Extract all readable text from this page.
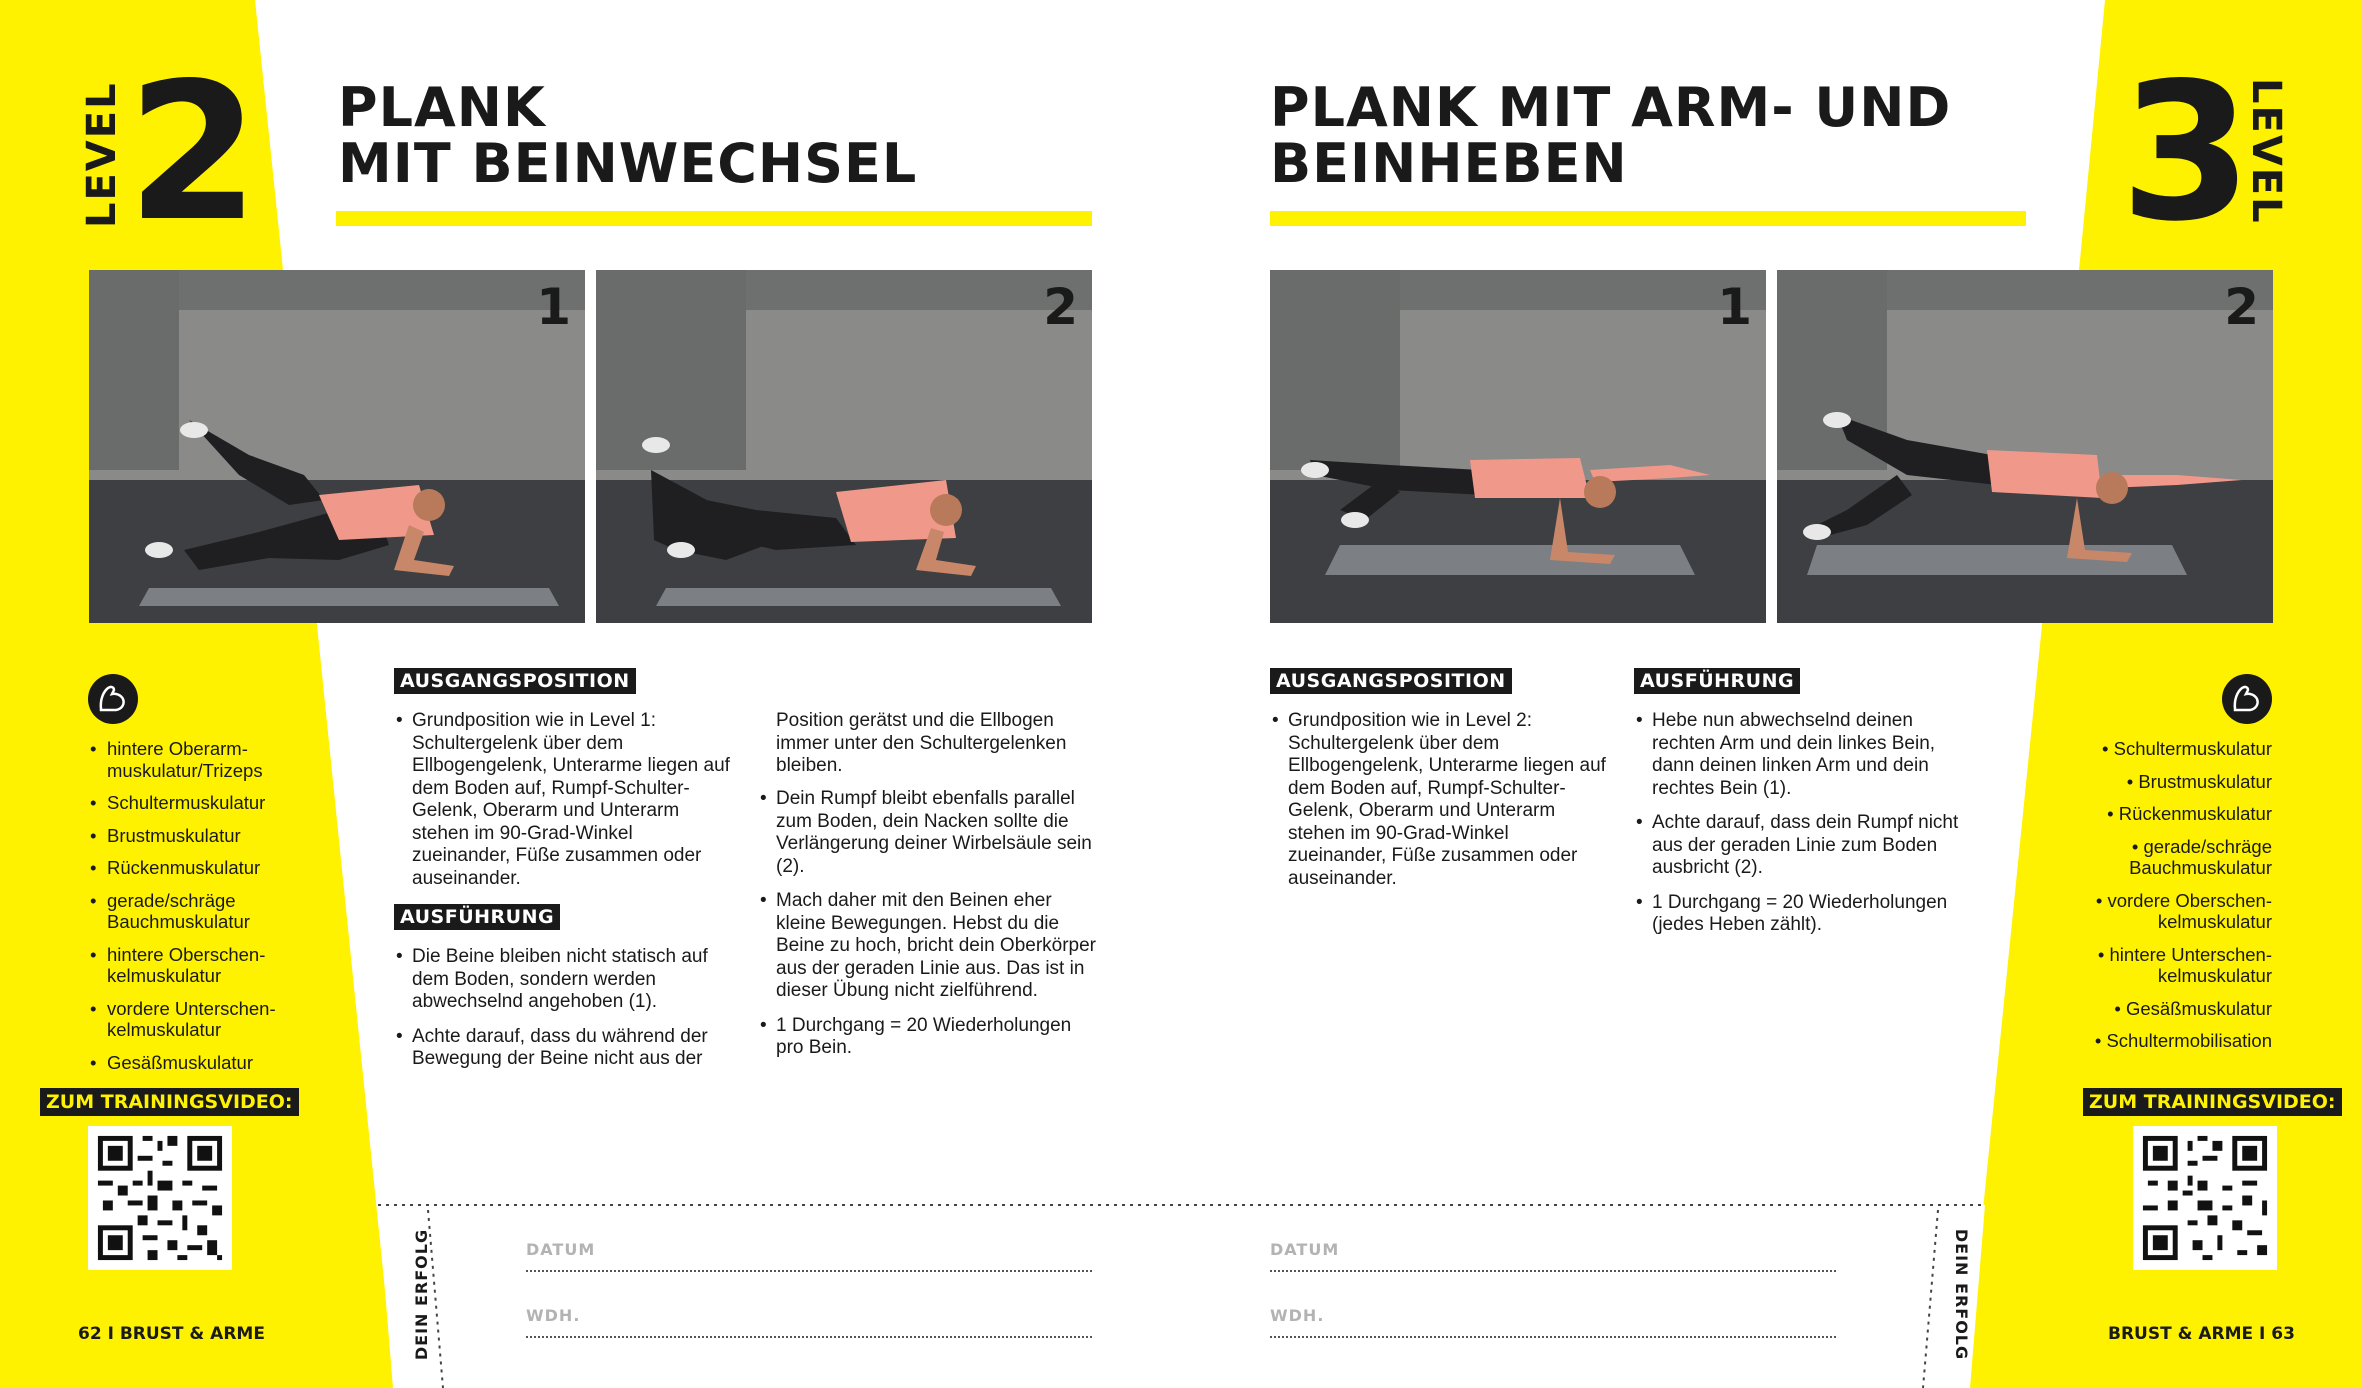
LEVEL 2 PLANK
MIT BEINWECHSEL
1	2
• hintere Oberarm- muskulatur/Trizeps
• Schultermuskulatur
• Brustmuskulatur
• Rückenmuskulatur
• gerade/schräge Bauchmuskulatur
• hintere Oberschen- kelmuskulatur
• vordere Unterschen- kelmuskulatur
• Gesäßmuskulatur
ZUM TRAININGSVIDEO:
62 I BRUST & ARME
AUSGANGSPOSITION
• Grundposition wie in Level 1: Schultergelenk über dem Ellbogengelenk, Unterarme liegen auf dem Boden auf, Rumpf-Schulter-Gelenk, Oberarm und Unterarm stehen im 90-Grad-Winkel zueinander, Füße zusammen oder auseinander.
AUSFÜHRUNG
• Die Beine bleiben nicht statisch auf dem Boden, sondern werden abwechselnd angehoben (1).
• Achte darauf, dass du während der Bewegung der Beine nicht aus der
Position gerätst und die Ellbogen immer unter den Schultergelenken bleiben.
• Dein Rumpf bleibt ebenfalls parallel zum Boden, dein Nacken sollte die Verlängerung deiner Wirbelsäule sein (2).
• Mach daher mit den Beinen eher kleine Bewegungen. Hebst du die Beine zu hoch, bricht dein Oberkörper aus der geraden Linie aus. Das ist in dieser Übung nicht zielführend.
• 1 Durchgang = 20 Wiederholungen pro Bein.
DEIN ERFOLG	DATUM
WDH.
3
LEVEL
PLANK MIT ARM- UND
BEINHEBEN
1	2
AUSGANGSPOSITION
• Grundposition wie in Level 2: Schultergelenk über dem Ellbogengelenk, Unterarme liegen auf dem Boden auf, Rumpf-Schulter-Gelenk, Oberarm und Unterarm stehen im 90-Grad-Winkel zueinander, Füße zusammen oder auseinander.
AUSFÜHRUNG
• Hebe nun abwechselnd deinen rechten Arm und dein linkes Bein, dann deinen linken Arm und dein rechtes Bein (1).
• Achte darauf, dass dein Rumpf nicht aus der geraden Linie zum Boden ausbricht (2).
• 1 Durchgang = 20 Wiederholungen (jedes Heben zählt).
• Schultermuskulatur
• Brustmuskulatur
• Rückenmuskulatur
• gerade/schräge Bauchmuskulatur
• vordere Oberschen- kelmuskulatur
• hintere Unterschen- kelmuskulatur
• Gesäßmuskulatur
• Schultermobilisation
ZUM TRAININGSVIDEO:
BRUST & ARME I 63
DATUM
WDH.	DEIN ERFOLG
